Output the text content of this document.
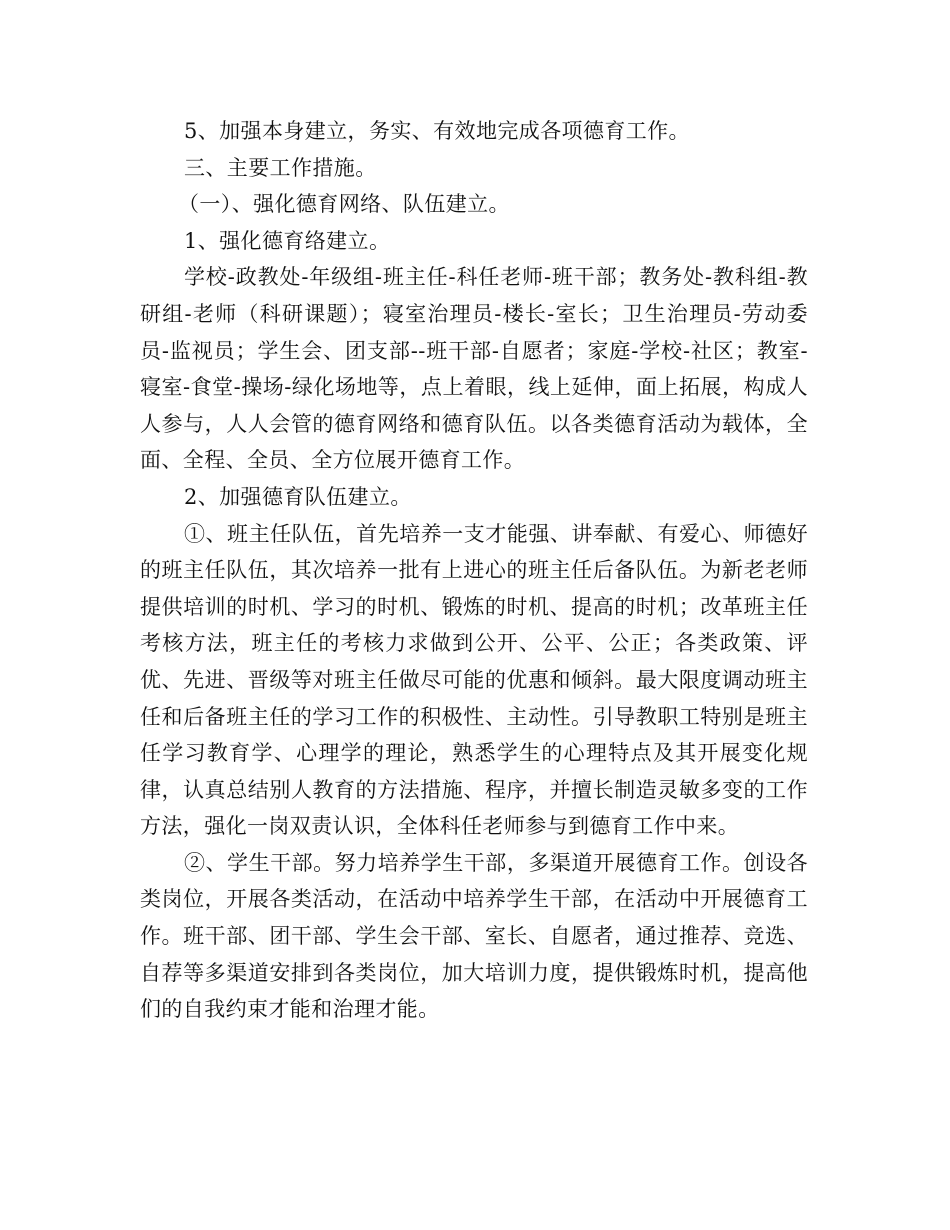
5、加强本身建立，务实、有效地完成各项德育工作。

三、主要工作措施。

（一）、强化德育网络、队伍建立。

1、强化德育络建立。

学校-政教处-年级组-班主任-科任老师-班干部；教务处-教科组-教研组-老师（科研课题）；寝室治理员-楼长-室长；卫生治理员-劳动委员-监视员；学生会、团支部--班干部-自愿者；家庭-学校-社区；教室-寝室-食堂-操场-绿化场地等，点上着眼，线上延伸，面上拓展，构成人人参与，人人会管的德育网络和德育队伍。以各类德育活动为载体，全面、全程、全员、全方位展开德育工作。

2、加强德育队伍建立。

①、班主任队伍，首先培养一支才能强、讲奉献、有爱心、师德好的班主任队伍，其次培养一批有上进心的班主任后备队伍。为新老老师提供培训的时机、学习的时机、锻炼的时机、提高的时机；改革班主任考核方法，班主任的考核力求做到公开、公平、公正；各类政策、评优、先进、晋级等对班主任做尽可能的优惠和倾斜。最大限度调动班主任和后备班主任的学习工作的积极性、主动性。引导教职工特别是班主任学习教育学、心理学的理论，熟悉学生的心理特点及其开展变化规律，认真总结别人教育的方法措施、程序，并擅长制造灵敏多变的工作方法，强化一岗双责认识，全体科任老师参与到德育工作中来。

②、学生干部。努力培养学生干部，多渠道开展德育工作。创设各类岗位，开展各类活动，在活动中培养学生干部，在活动中开展德育工作。班干部、团干部、学生会干部、室长、自愿者，通过推荐、竞选、自荐等多渠道安排到各类岗位，加大培训力度，提供锻炼时机，提高他们的自我约束才能和治理才能。
